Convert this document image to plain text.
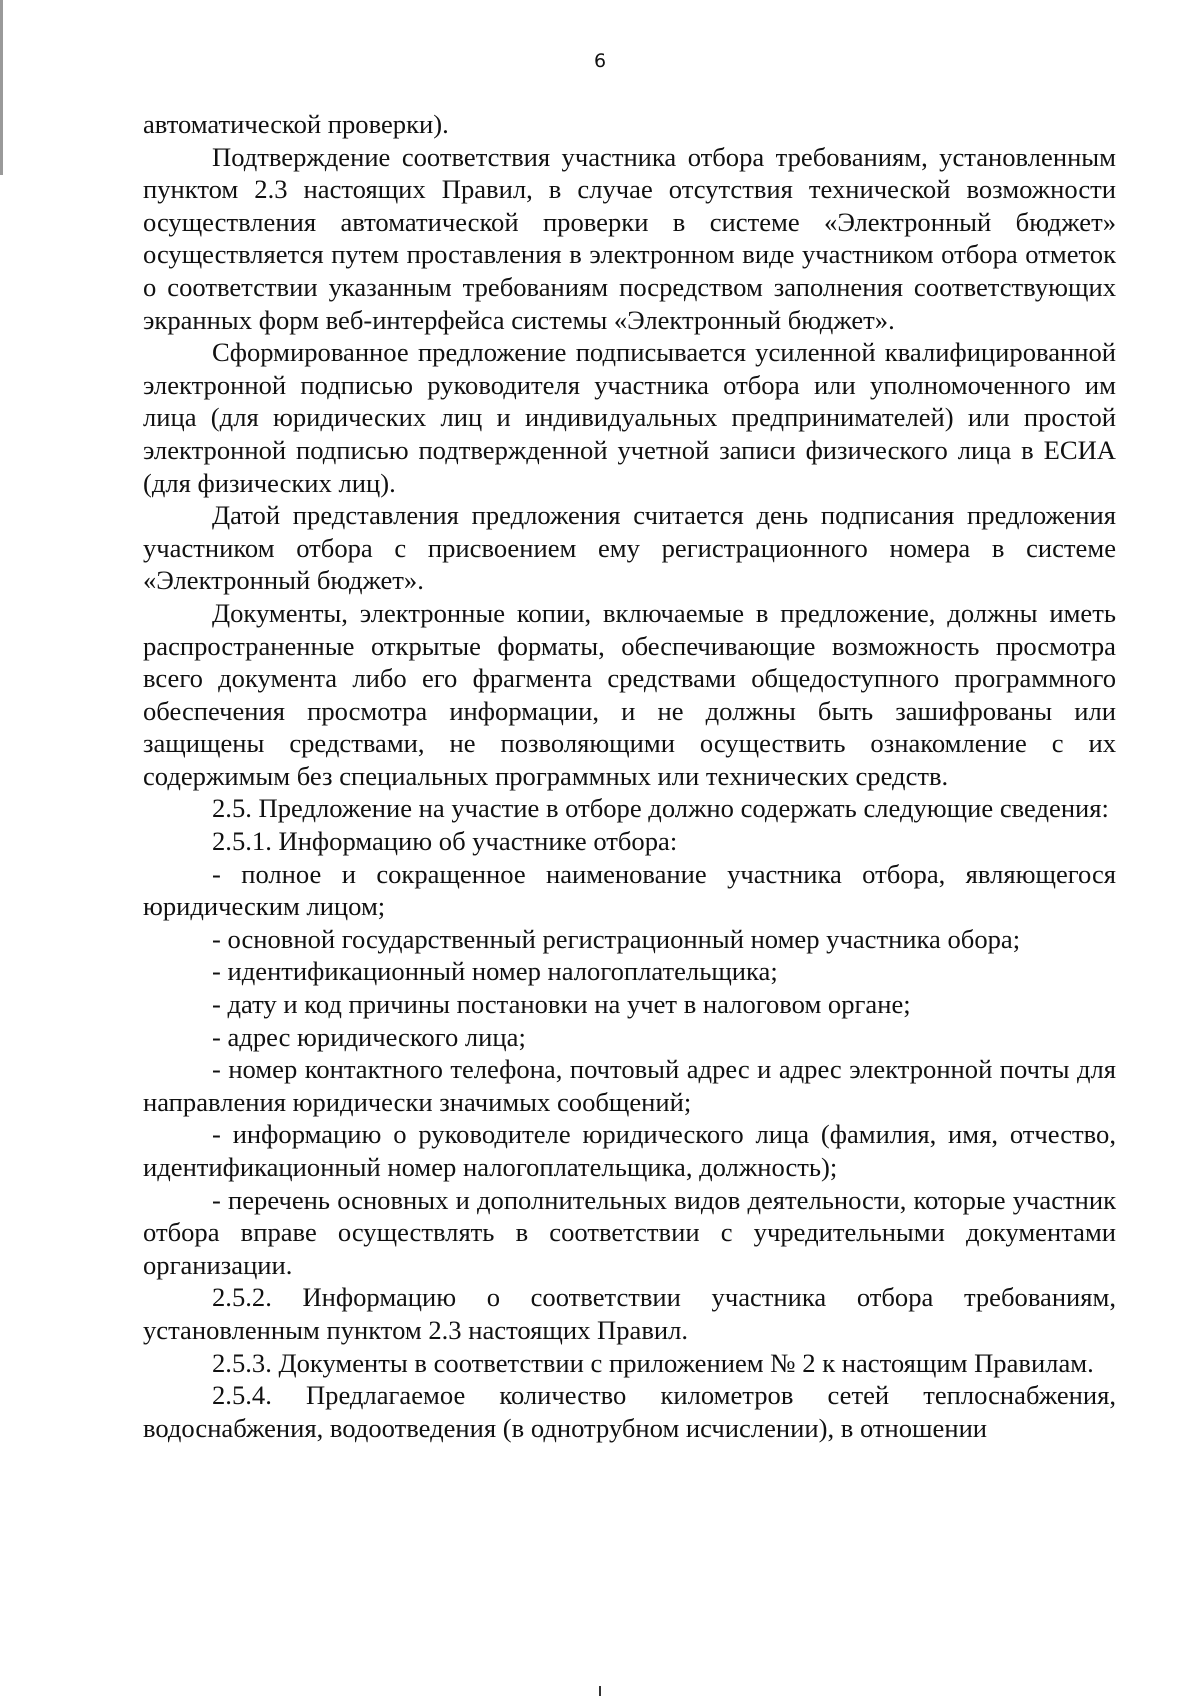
6

автоматической проверки).

Подтверждение соответствия участника отбора требованиям, установленным пунктом 2.3 настоящих Правил, в случае отсутствия технической возможности осуществления автоматической проверки в системе «Электронный бюджет» осуществляется путем проставления в электронном виде участником отбора отметок о соответствии указанным требованиям посредством заполнения соответствующих экранных форм веб-интерфейса системы «Электронный бюджет».

Сформированное предложение подписывается усиленной квалифицированной электронной подписью руководителя участника отбора или уполномоченного им лица (для юридических лиц и индивидуальных предпринимателей) или простой электронной подписью подтвержденной учетной записи физического лица в ЕСИА (для физических лиц).

Датой представления предложения считается день подписания предложения участником отбора с присвоением ему регистрационного номера в системе «Электронный бюджет».

Документы, электронные копии, включаемые в предложение, должны иметь распространенные открытые форматы, обеспечивающие возможность просмотра всего документа либо его фрагмента средствами общедоступного программного обеспечения просмотра информации, и не должны быть зашифрованы или защищены средствами, не позволяющими осуществить ознакомление с их содержимым без специальных программных или технических средств.

2.5. Предложение на участие в отборе должно содержать следующие сведения:

2.5.1. Информацию об участнике отбора:

- полное и сокращенное наименование участника отбора, являющегося юридическим лицом;

- основной государственный регистрационный номер участника обора;

- идентификационный номер налогоплательщика;

- дату и код причины постановки на учет в налоговом органе;

- адрес юридического лица;

- номер контактного телефона, почтовый адрес и адрес электронной почты для направления юридически значимых сообщений;

- информацию о руководителе юридического лица (фамилия, имя, отчество, идентификационный номер налогоплательщика, должность);

- перечень основных и дополнительных видов деятельности, которые участник отбора вправе осуществлять в соответствии с учредительными документами организации.

2.5.2. Информацию о соответствии участника отбора требованиям, установленным пунктом 2.3 настоящих Правил.

2.5.3. Документы в соответствии с приложением № 2 к настоящим Правилам.

2.5.4. Предлагаемое количество километров сетей теплоснабжения, водоснабжения, водоотведения (в однотрубном исчислении), в отношении
